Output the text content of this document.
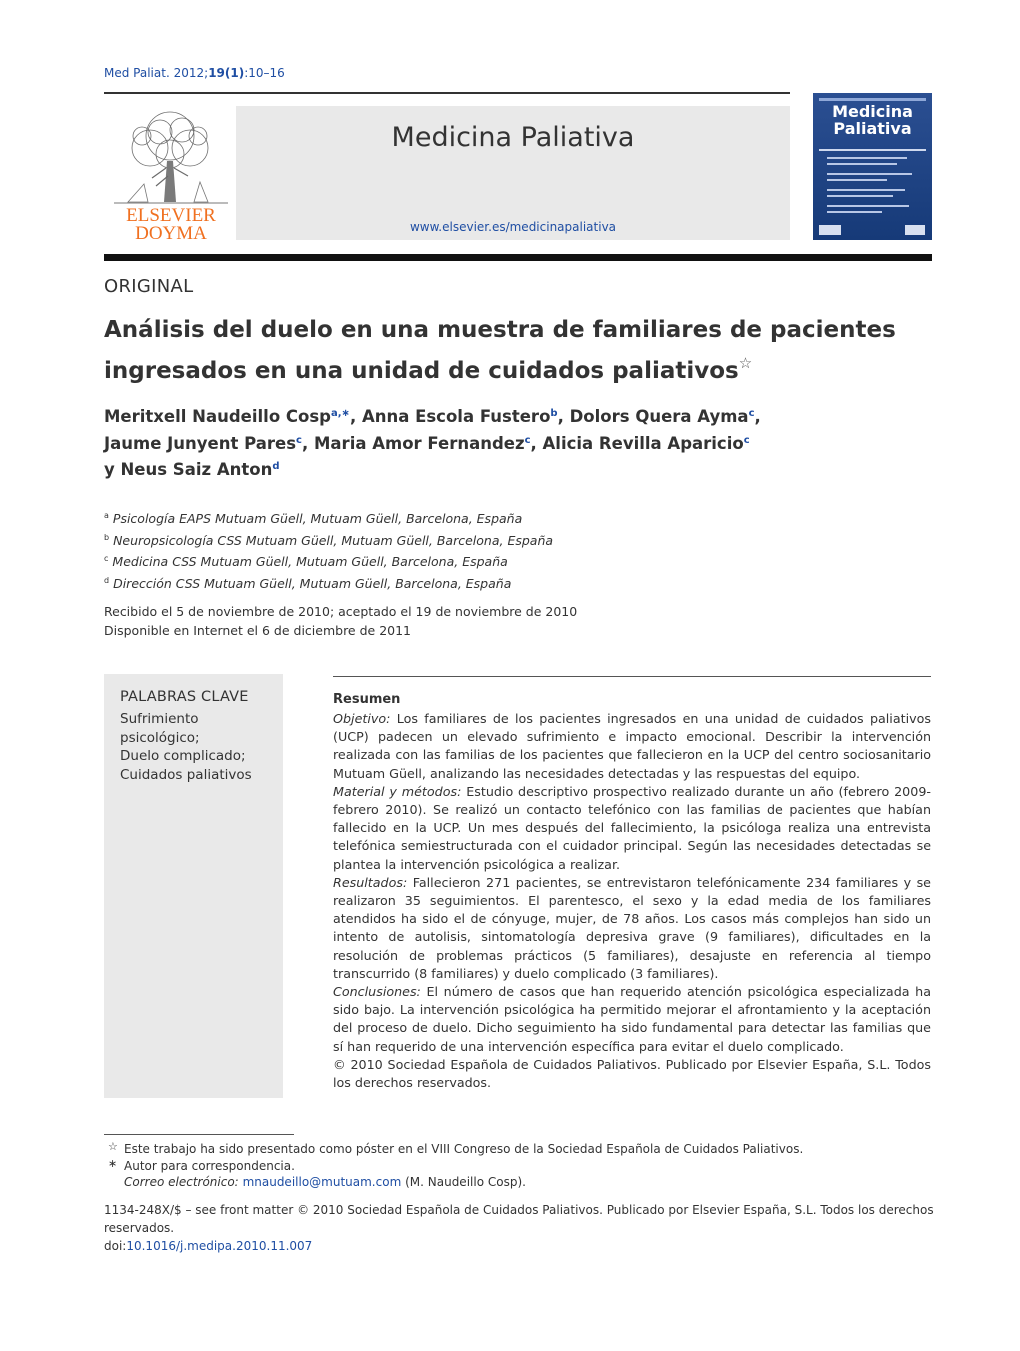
Med Paliat. 2012;19(1):10–16
ELSEVIER
DOYMA
Medicina Paliativa
www.elsevier.es/medicinapaliativa
Medicina
Paliativa
ORIGINAL
Análisis del duelo en una muestra de familiares de pacientes ingresados en una unidad de cuidados paliativos☆
Meritxell Naudeillo Cosp$^{a,∗}$, Anna Escola Fustero$^b$, Dolors Quera Ayma$^c$,
Jaume Junyent Pares$^c$, Maria Amor Fernandez$^c$, Alicia Revilla Aparicio$^c$
y Neus Saiz Anton$^d$
$^a$ Psicología EAPS Mutuam Güell, Mutuam Güell, Barcelona, España
$^b$ Neuropsicología CSS Mutuam Güell, Mutuam Güell, Barcelona, España
$^c$ Medicina CSS Mutuam Güell, Mutuam Güell, Barcelona, España
$^d$ Dirección CSS Mutuam Güell, Mutuam Güell, Barcelona, España
Recibido el 5 de noviembre de 2010; aceptado el 19 de noviembre de 2010
Disponible en Internet el 6 de diciembre de 2011
PALABRAS CLAVE
Sufrimiento psicológico;
Duelo complicado;
Cuidados paliativos
Resumen

Objetivo: Los familiares de los pacientes ingresados en una unidad de cuidados paliativos (UCP) padecen un elevado sufrimiento e impacto emocional. Describir la intervención realizada con las familias de los pacientes que fallecieron en la UCP del centro sociosanitario Mutuam Güell, analizando las necesidades detectadas y las respuestas del equipo.

Material y métodos: Estudio descriptivo prospectivo realizado durante un año (febrero 2009-febrero 2010). Se realizó un contacto telefónico con las familias de pacientes que habían fallecido en la UCP. Un mes después del fallecimiento, la psicóloga realiza una entrevista telefónica semiestructurada con el cuidador principal. Según las necesidades detectadas se plantea la intervención psicológica a realizar.

Resultados: Fallecieron 271 pacientes, se entrevistaron telefónicamente 234 familiares y se realizaron 35 seguimientos. El parentesco, el sexo y la edad media de los familiares atendidos ha sido el de cónyuge, mujer, de 78 años. Los casos más complejos han sido un intento de autolisis, sintomatología depresiva grave (9 familiares), dificultades en la resolución de problemas prácticos (5 familiares), desajuste en referencia al tiempo transcurrido (8 familiares) y duelo complicado (3 familiares).

Conclusiones: El número de casos que han requerido atención psicológica especializada ha sido bajo. La intervención psicológica ha permitido mejorar el afrontamiento y la aceptación del proceso de duelo. Dicho seguimiento ha sido fundamental para detectar las familias que sí han requerido de una intervención específica para evitar el duelo complicado.

© 2010 Sociedad Española de Cuidados Paliativos. Publicado por Elsevier España, S.L. Todos los derechos reservados.

☆ Este trabajo ha sido presentado como póster en el VIII Congreso de la Sociedad Española de Cuidados Paliativos.
∗ Autor para correspondencia.
Correo electrónico: mnaudeillo@mutuam.com (M. Naudeillo Cosp).
1134-248X/$ – see front matter © 2010 Sociedad Española de Cuidados Paliativos. Publicado por Elsevier España, S.L. Todos los derechos reservados.
doi:10.1016/j.medipa.2010.11.007
